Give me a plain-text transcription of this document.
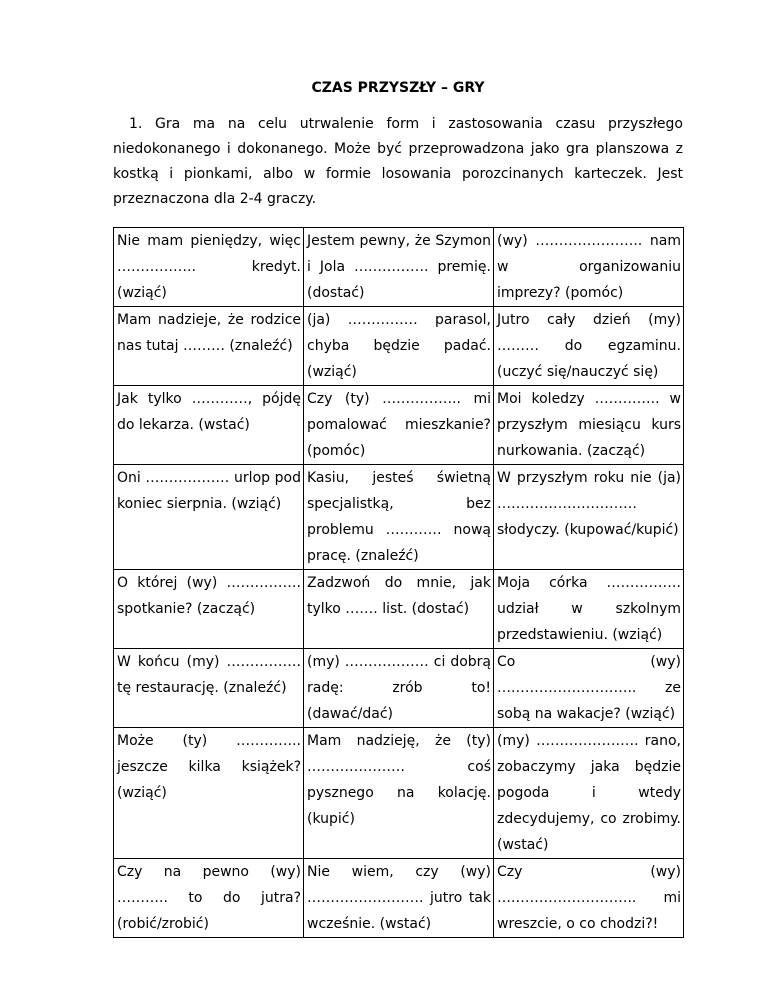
CZAS PRZYSZŁY – GRY
1. Gra ma na celu utrwalenie form i zastosowania czasu przyszłego niedokonanego i dokonanego. Może być przeprowadzona jako gra planszowa z kostką i pionkami, albo w formie losowania porozcinanych karteczek. Jest przeznaczona dla 2-4 graczy.
Nie mam pieniędzy, więc …………….. kredyt. (wziąć)	Jestem pewny, że Szymon i Jola ……………. premię. (dostać)	(wy) ………………….. nam w organizowaniu imprezy? (pomóc)
Mam nadzieje, że rodzice nas tutaj ……… (znaleźć)	(ja) …………… parasol, chyba będzie padać. (wziąć)	Jutro cały dzień (my) ……… do egzaminu. (uczyć się/nauczyć się)
Jak tylko …………, pójdę do lekarza. (wstać)	Czy (ty) …………….. mi pomalować mieszkanie? (pomóc)	Moi koledzy ………….. w przyszłym miesiącu kurs nurkowania. (zacząć)
Oni ……………… urlop pod koniec sierpnia. (wziąć)	Kasiu, jesteś świetną specjalistką, bez problemu ………… nową pracę. (znaleźć)	W przyszłym roku nie (ja) ………………………… słodyczy. (kupować/kupić)
O której (wy) ……………. spotkanie? (zacząć)	Zadzwoń do mnie, jak tylko ……. list. (dostać)	Moja córka ……………. udział w szkolnym przedstawieniu. (wziąć)
W końcu (my) ……………. tę restaurację. (znaleźć)	(my) ……………… ci dobrą radę: zrób to! (dawać/dać)	Co (wy) ….…………………….. ze sobą na wakacje? (wziąć)
Może (ty) ………….. jeszcze kilka książek? (wziąć)	Mam nadzieję, że (ty) ………………… coś pysznego na kolację. (kupić)	(my) …………………. rano, zobaczymy jaka będzie pogoda i wtedy zdecydujemy, co zrobimy. (wstać)
Czy na pewno (wy) ……….. to do jutra? (robić/zrobić)	Nie wiem, czy (wy) ……………………. jutro tak wcześnie. (wstać)	Czy (wy) ….…………………….. mi wreszcie, o co chodzi?!
